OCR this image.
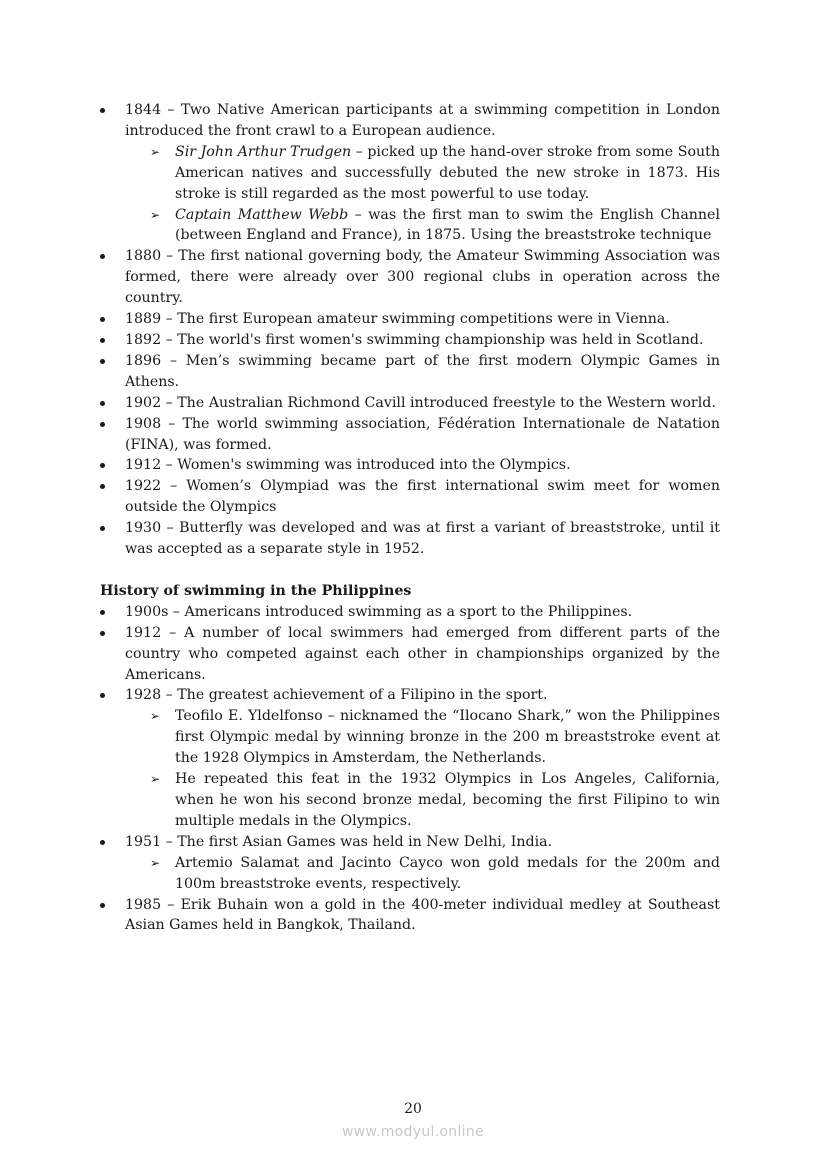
1844 – Two Native American participants at a swimming competition in London introduced the front crawl to a European audience.
➢ Sir John Arthur Trudgen – picked up the hand-over stroke from some South American natives and successfully debuted the new stroke in 1873. His stroke is still regarded as the most powerful to use today.
➢ Captain Matthew Webb – was the first man to swim the English Channel (between England and France), in 1875. Using the breaststroke technique
1880 – The first national governing body, the Amateur Swimming Association was formed, there were already over 300 regional clubs in operation across the country.
1889 – The first European amateur swimming competitions were in Vienna.
1892 – The world's first women's swimming championship was held in Scotland.
1896 – Men’s swimming became part of the first modern Olympic Games in Athens.
1902 – The Australian Richmond Cavill introduced freestyle to the Western world.
1908 – The world swimming association, Fédération Internationale de Natation (FINA), was formed.
1912 – Women's swimming was introduced into the Olympics.
1922 – Women’s Olympiad was the first international swim meet for women outside the Olympics
1930 – Butterfly was developed and was at first a variant of breaststroke, until it was accepted as a separate style in 1952.
History of swimming in the Philippines
1900s – Americans introduced swimming as a sport to the Philippines.
1912 – A number of local swimmers had emerged from different parts of the country who competed against each other in championships organized by the Americans.
1928 – The greatest achievement of a Filipino in the sport.
➢ Teofilo E. Yldelfonso – nicknamed the “Ilocano Shark,” won the Philippines first Olympic medal by winning bronze in the 200 m breaststroke event at the 1928 Olympics in Amsterdam, the Netherlands.
➢ He repeated this feat in the 1932 Olympics in Los Angeles, California, when he won his second bronze medal, becoming the first Filipino to win multiple medals in the Olympics.
1951 – The first Asian Games was held in New Delhi, India.
➢ Artemio Salamat and Jacinto Cayco won gold medals for the 200m and 100m breaststroke events, respectively.
1985 – Erik Buhain won a gold in the 400-meter individual medley at Southeast Asian Games held in Bangkok, Thailand.
20
www.modyul.online
